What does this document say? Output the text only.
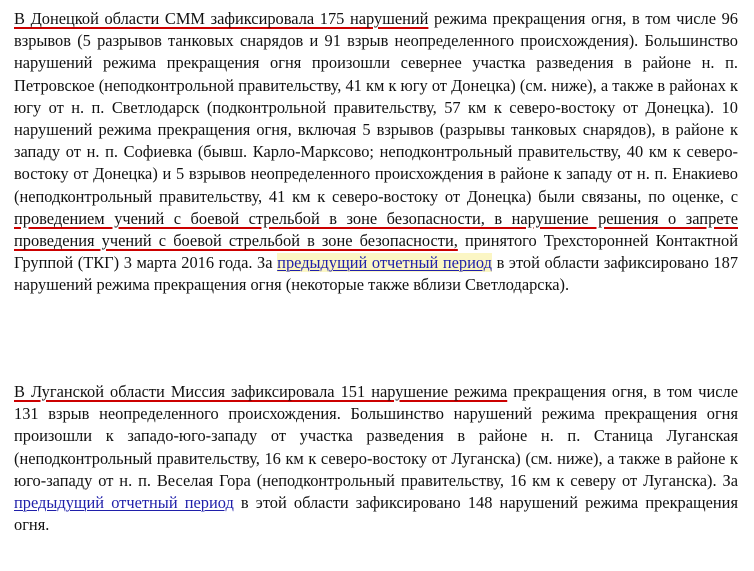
В Донецкой области СММ зафиксировала 175 нарушений режима прекращения огня, в том числе 96 взрывов (5 разрывов танковых снарядов и 91 взрыв неопределенного происхождения). Большинство нарушений режима прекращения огня произошли севернее участка разведения в районе н. п. Петровское (неподконтрольной правительству, 41 км к югу от Донецка) (см. ниже), а также в районах к югу от н. п. Светлодарск (подконтрольной правительству, 57 км к северо-востоку от Донецка). 10 нарушений режима прекращения огня, включая 5 взрывов (разрывы танковых снарядов), в районе к западу от н. п. Софиевка (бывш. Карло-Марксово; неподконтрольный правительству, 40 км к северо-востоку от Донецка) и 5 взрывов неопределенного происхождения в районе к западу от н. п. Енакиево (неподконтрольный правительству, 41 км к северо-востоку от Донецка) были связаны, по оценке, с проведением учений с боевой стрельбой в зоне безопасности, в нарушение решения о запрете проведения учений с боевой стрельбой в зоне безопасности, принятого Трехсторонней Контактной Группой (ТКГ) 3 марта 2016 года. За предыдущий отчетный период в этой области зафиксировано 187 нарушений режима прекращения огня (некоторые также вблизи Светлодарска).

В Луганской области Миссия зафиксировала 151 нарушение режима прекращения огня, в том числе 131 взрыв неопределенного происхождения. Большинство нарушений режима прекращения огня произошли к западо-юго-западу от участка разведения в районе н. п. Станица Луганская (неподконтрольный правительству, 16 км к северо-востоку от Луганска) (см. ниже), а также в районе к юго-западу от н. п. Веселая Гора (неподконтрольный правительству, 16 км к северу от Луганска). За предыдущий отчетный период в этой области зафиксировано 148 нарушений режима прекращения огня.
